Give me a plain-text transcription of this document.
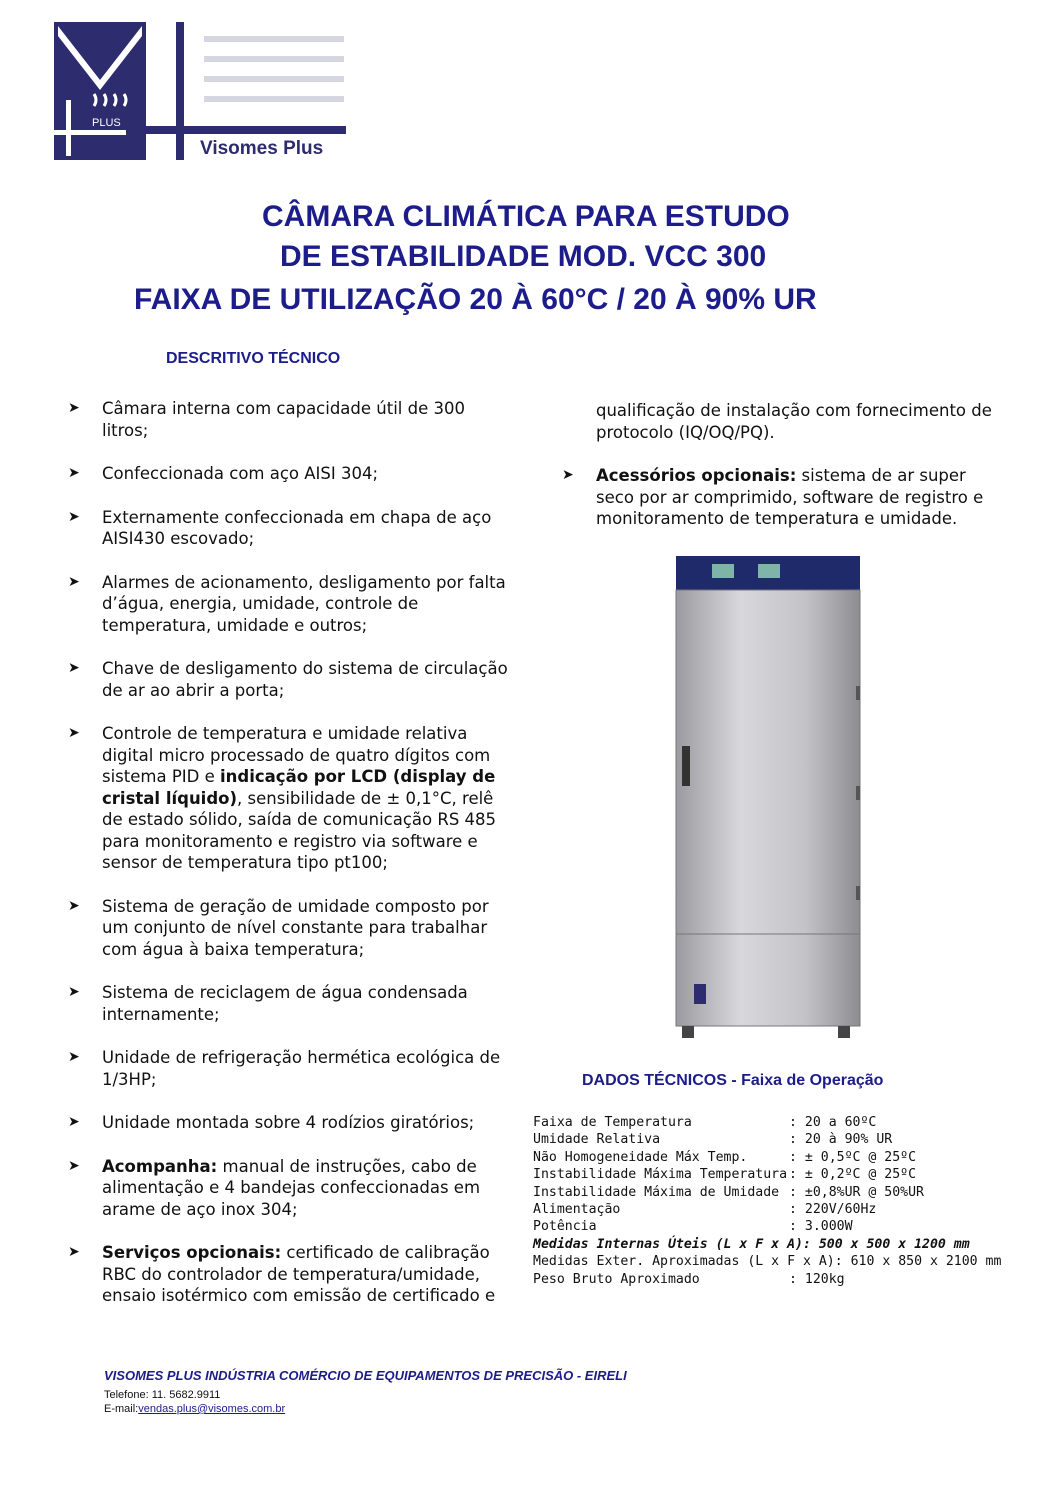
PLUS
Visomes Plus
CÂMARA CLIMÁTICA PARA ESTUDO
DE ESTABILIDADE MOD. VCC 300
FAIXA DE UTILIZAÇÃO 20 À 60°C / 20 À 90% UR
DESCRITIVO TÉCNICO

➤ Câmara interna com capacidade útil de 300 litros;

➤ Confeccionada com aço AISI 304;

➤ Externamente confeccionada em chapa de aço AISI430 escovado;

➤ Alarmes de acionamento, desligamento por falta d’água, energia, umidade, controle de temperatura, umidade e outros;

➤ Chave de desligamento do sistema de circulação de ar ao abrir a porta;

➤ Controle de temperatura e umidade relativa digital micro processado de quatro dígitos com sistema PID e indicação por LCD (display de cristal líquido), sensibilidade de ± 0,1°C, relê de estado sólido, saída de comunicação RS 485 para monitoramento e registro via software e sensor de temperatura tipo pt100;

➤ Sistema de geração de umidade composto por um conjunto de nível constante para trabalhar com água à baixa temperatura;

➤ Sistema de reciclagem de água condensada internamente;

➤ Unidade de refrigeração hermética ecológica de 1/3HP;

➤ Unidade montada sobre 4 rodízios giratórios;

➤ Acompanha: manual de instruções, cabo de alimentação e 4 bandejas confeccionadas em arame de aço inox 304;

➤ Serviços opcionais: certificado de calibração RBC do controlador de temperatura/umidade, ensaio isotérmico com emissão de certificado e

qualificação de instalação com fornecimento de protocolo (IQ/OQ/PQ).

➤ Acessórios opcionais: sistema de ar super seco por ar comprimido, software de registro e monitoramento de temperatura e umidade.

DADOS TÉCNICOS - Faixa de Operação
Faixa de Temperatura	: 20 a 60ºC
Umidade Relativa	: 20 à 90% UR
Não Homogeneidade Máx Temp.	: ± 0,5ºC @ 25ºC
Instabilidade Máxima Temperatura : ± 0,2ºC @ 25ºC
Instabilidade Máxima de Umidade : ±0,8%UR @ 50%UR
Alimentação	: 220V/60Hz
Potência	: 3.000W
Medidas Internas Úteis (L x F x A): 500 x 500 x 1200 mm
Medidas Exter. Aproximadas (L x F x A): 610 x 850 x 2100 mm
Peso Bruto Aproximado	: 120kg
VISOMES PLUS INDÚSTRIA COMÉRCIO DE EQUIPAMENTOS DE PRECISÃO - EIRELI
Telefone: 11. 5682.9911
E-mail:vendas.plus@visomes.com.br
